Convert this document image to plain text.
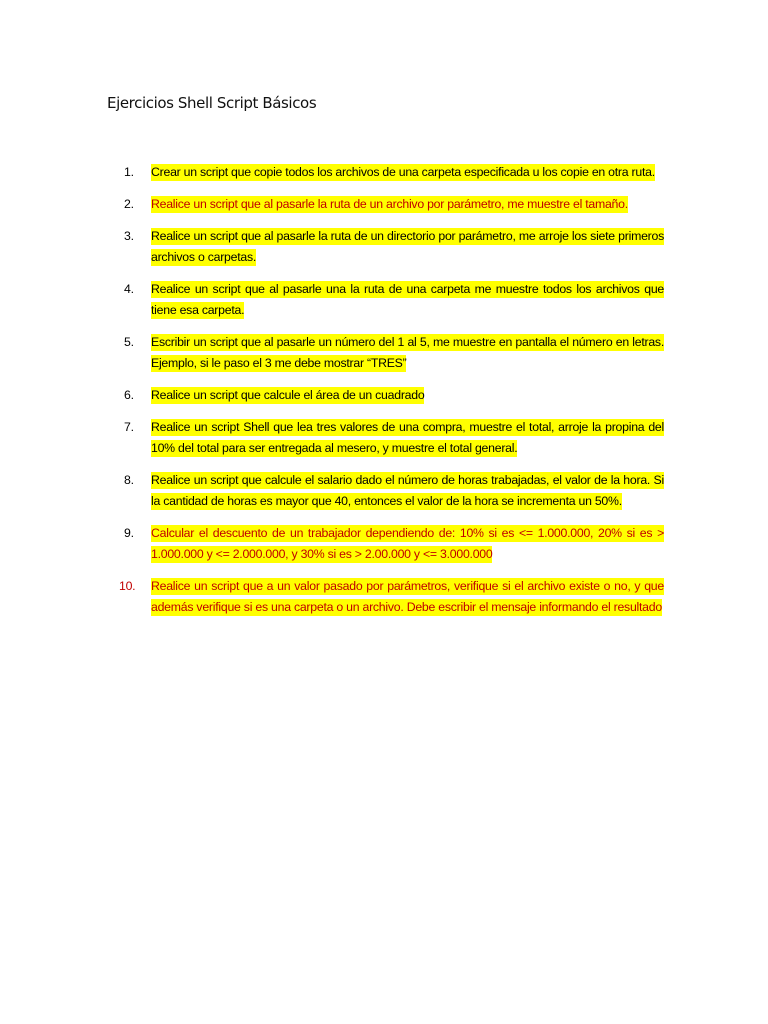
Ejercicios Shell Script Básicos
1.	Crear un script que copie todos los archivos de una carpeta especificada u los copie en otra ruta.
2.	Realice un script que al pasarle la ruta de un archivo por parámetro, me muestre el tamaño.
3.	Realice un script que al pasarle la ruta de un directorio por parámetro, me arroje los siete primeros archivos o carpetas.
4.	Realice un script que al pasarle una la ruta de una carpeta me muestre todos los archivos que tiene esa carpeta.
5.	Escribir un script que al pasarle un número del 1 al 5, me muestre en pantalla el número en letras. Ejemplo, si le paso el 3 me debe mostrar “TRES”
6.	Realice un script que calcule el área de un cuadrado
7.	Realice un script Shell que lea tres valores de una compra, muestre el total, arroje la propina del 10% del total para ser entregada al mesero, y muestre el total general.
8.	Realice un script que calcule el salario dado el número de horas trabajadas, el valor de la hora. Si la cantidad de horas es mayor que 40, entonces el valor de la hora se incrementa un 50%.
9.	Calcular el descuento de un trabajador dependiendo de: 10% si es <= 1.000.000, 20% si es > 1.000.000 y <= 2.000.000, y 30% si es > 2.00.000 y <= 3.000.000
10.	Realice un script que a un valor pasado por parámetros, verifique si el archivo existe o no, y que además verifique si es una carpeta o un archivo. Debe escribir el mensaje informando el resultado
